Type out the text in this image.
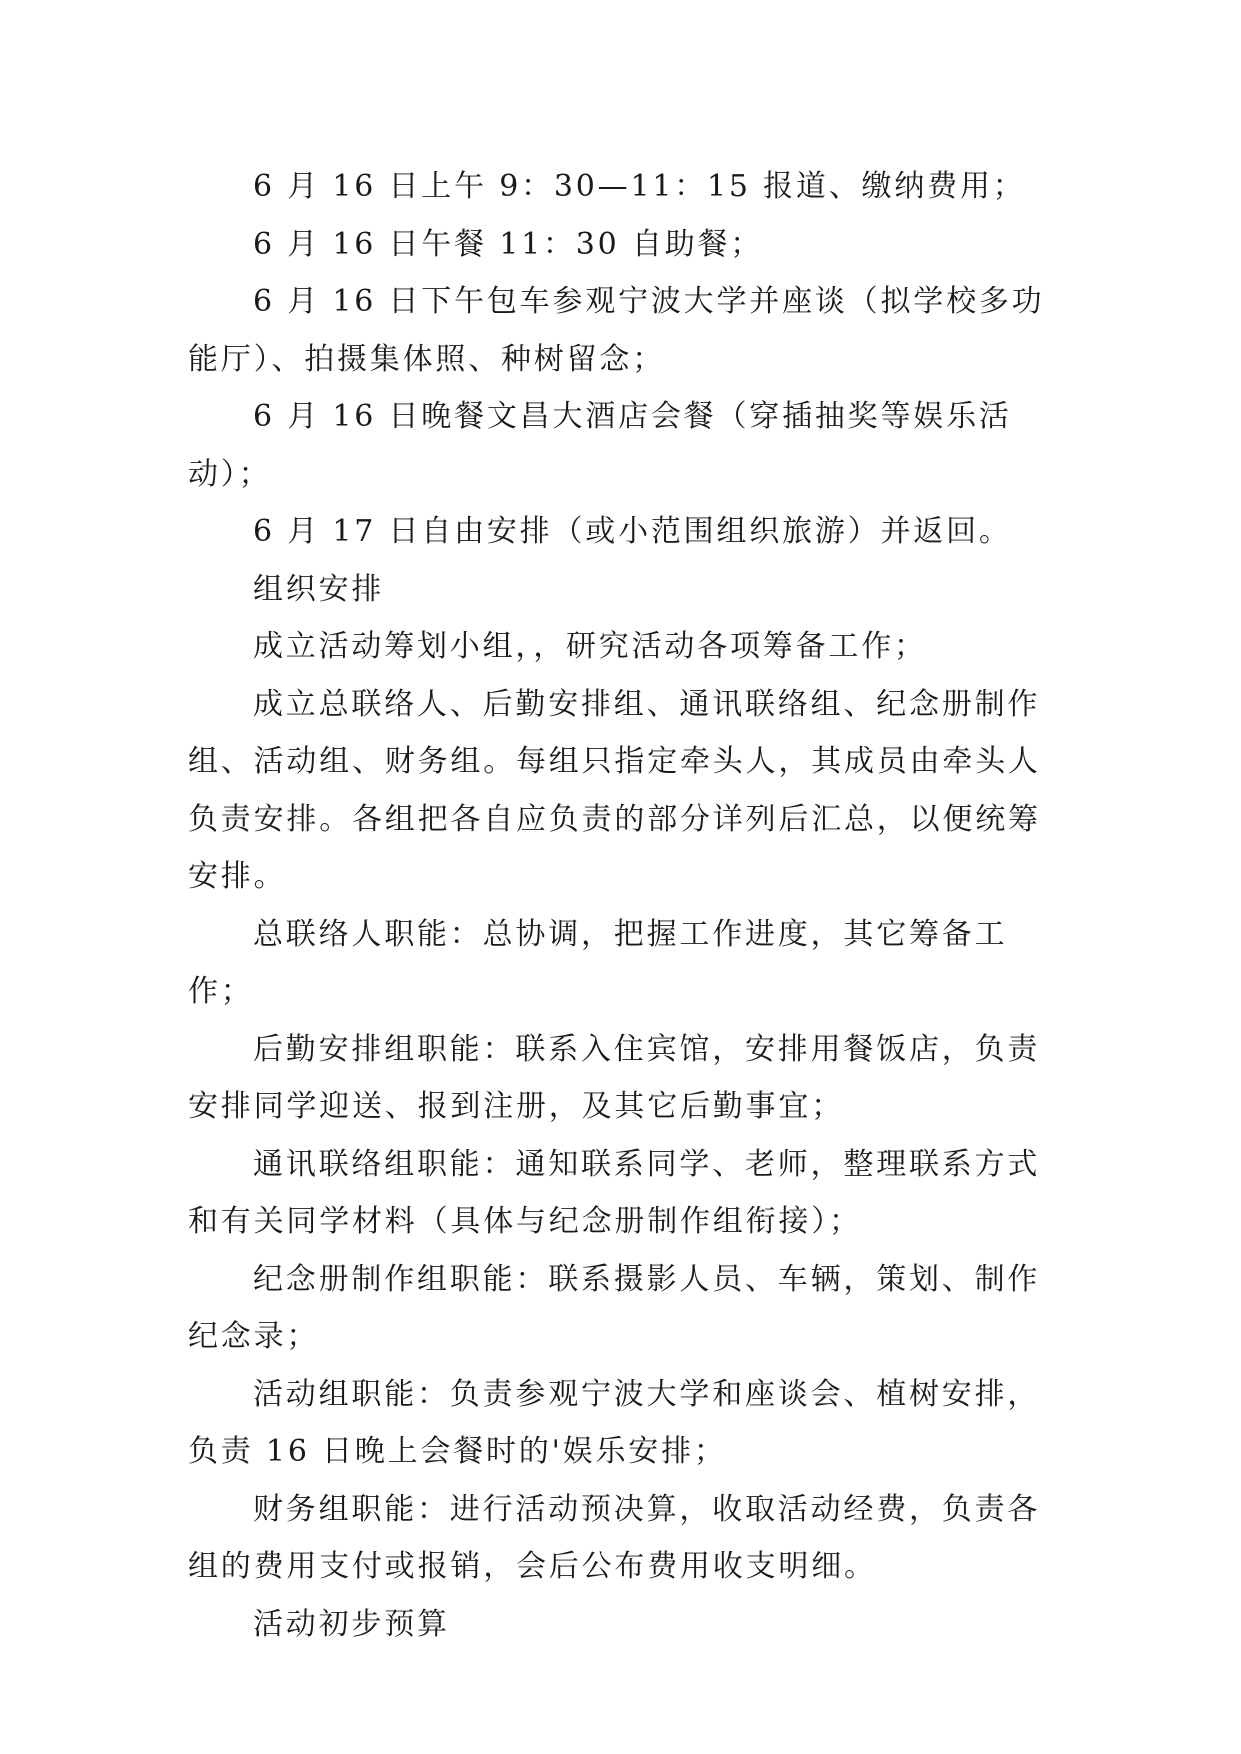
6 月 16 日上午 9：30—11：15 报道、缴纳费用；

6 月 16 日午餐 11：30 自助餐；

6 月 16 日下午包车参观宁波大学并座谈（拟学校多功能厅）、拍摄集体照、种树留念；

6 月 16 日晚餐文昌大酒店会餐（穿插抽奖等娱乐活动）；

6 月 17 日自由安排（或小范围组织旅游）并返回。

组织安排

成立活动筹划小组，，研究活动各项筹备工作；

成立总联络人、后勤安排组、通讯联络组、纪念册制作组、活动组、财务组。每组只指定牵头人，其成员由牵头人负责安排。各组把各自应负责的部分详列后汇总，以便统筹安排。

总联络人职能：总协调，把握工作进度，其它筹备工作；

后勤安排组职能：联系入住宾馆，安排用餐饭店，负责安排同学迎送、报到注册，及其它后勤事宜；

通讯联络组职能：通知联系同学、老师，整理联系方式和有关同学材料（具体与纪念册制作组衔接）；

纪念册制作组职能：联系摄影人员、车辆，策划、制作纪念录；

活动组职能：负责参观宁波大学和座谈会、植树安排，负责 16 日晚上会餐时的'娱乐安排；

财务组职能：进行活动预决算，收取活动经费，负责各组的费用支付或报销，会后公布费用收支明细。

活动初步预算
